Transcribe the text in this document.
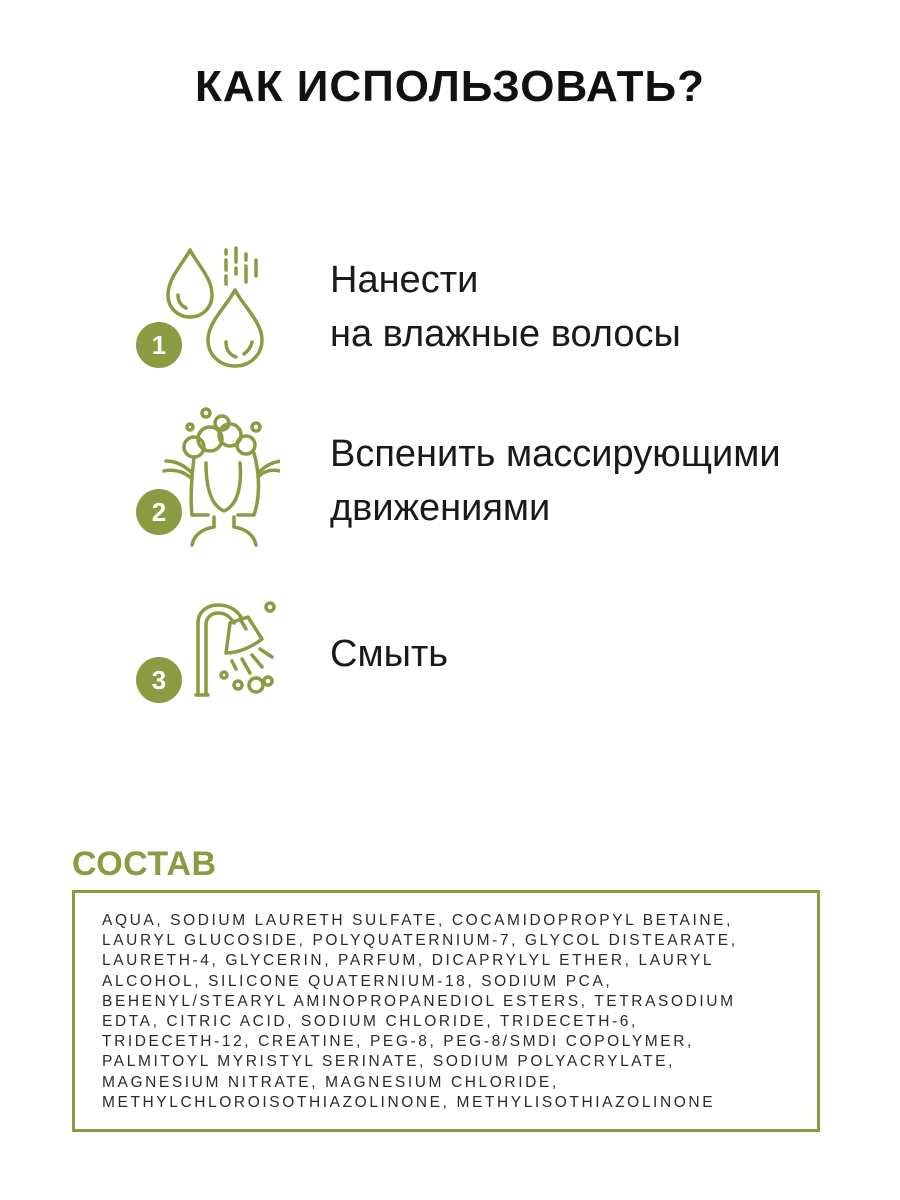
КАК ИСПОЛЬЗОВАТЬ?
1
Нанести
на влажные волосы
2
Вспенить массирующими
движениями
3
Смыть
СОСТАВ
AQUA, SODIUM LAURETH SULFATE, COCAMIDOPROPYL BETAINE,
LAURYL GLUCOSIDE, POLYQUATERNIUM-7, GLYCOL DISTEARATE,
LAURETH-4, GLYCERIN, PARFUM, DICAPRYLYL ETHER, LAURYL
ALCOHOL, SILICONE QUATERNIUM-18, SODIUM PCA,
BEHENYL/STEARYL AMINOPROPANEDIOL ESTERS, TETRASODIUM
EDTA, CITRIC ACID, SODIUM CHLORIDE, TRIDECETH-6,
TRIDECETH-12, CREATINE, PEG-8, PEG-8/SMDI COPOLYMER,
PALMITOYL MYRISTYL SERINATE, SODIUM POLYACRYLATE,
MAGNESIUM NITRATE, MAGNESIUM CHLORIDE,
METHYLCHLOROISOTHIAZOLINONE, METHYLISOTHIAZOLINONE
